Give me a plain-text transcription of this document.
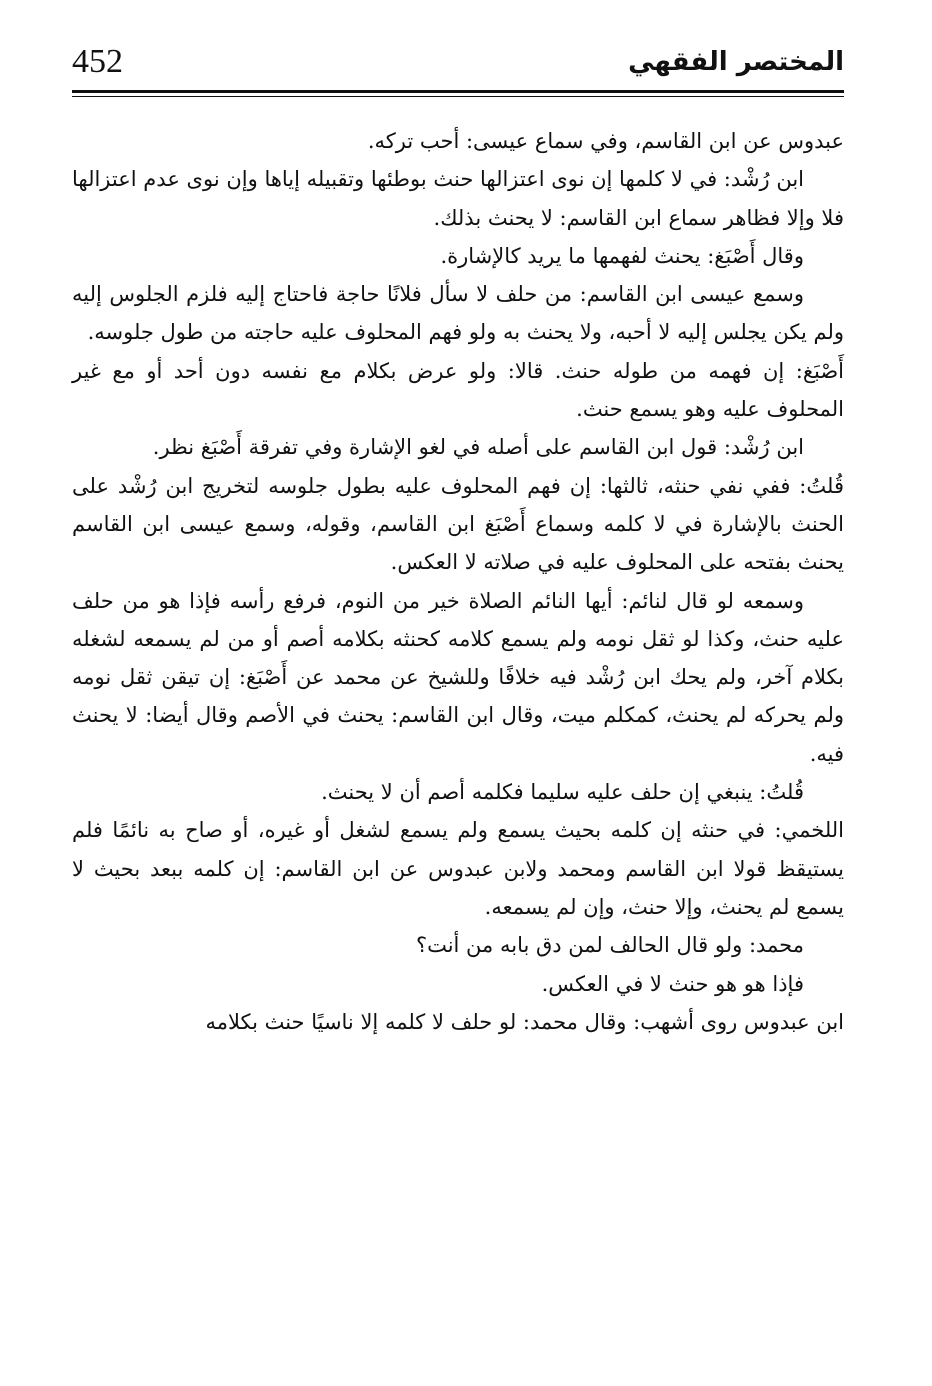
452	المختصر الفقهي

عبدوس عن ابن القاسم، وفي سماع عيسى: أحب تركه.

ابن رُشْد: في لا كلمها إن نوى اعتزالها حنث بوطئها وتقبيله إياها وإن نوى عدم اعتزالها فلا وإلا فظاهر سماع ابن القاسم: لا يحنث بذلك.

وقال أَصْبَغ: يحنث لفهمها ما يريد كالإشارة.

وسمع عيسى ابن القاسم: من حلف لا سأل فلانًا حاجة فاحتاج إليه فلزم الجلوس إليه ولم يكن يجلس إليه لا أحبه، ولا يحنث به ولو فهم المحلوف عليه حاجته من طول جلوسه.

أَصْبَغ: إن فهمه من طوله حنث. قالا: ولو عرض بكلام مع نفسه دون أحد أو مع غير المحلوف عليه وهو يسمع حنث.

ابن رُشْد: قول ابن القاسم على أصله في لغو الإشارة وفي تفرقة أَصْبَغ نظر.

قُلتُ: ففي نفي حنثه، ثالثها: إن فهم المحلوف عليه بطول جلوسه لتخريج ابن رُشْد على الحنث بالإشارة في لا كلمه وسماع أَصْبَغ ابن القاسم، وقوله، وسمع عيسى ابن القاسم يحنث بفتحه على المحلوف عليه في صلاته لا العكس.

وسمعه لو قال لنائم: أيها النائم الصلاة خير من النوم، فرفع رأسه فإذا هو من حلف عليه حنث، وكذا لو ثقل نومه ولم يسمع كلامه كحنثه بكلامه أصم أو من لم يسمعه لشغله بكلام آخر، ولم يحك ابن رُشْد فيه خلافًا وللشيخ عن محمد عن أَصْبَغ: إن تيقن ثقل نومه ولم يحركه لم يحنث، كمكلم ميت، وقال ابن القاسم: يحنث في الأصم وقال أيضا: لا يحنث فيه.

قُلتُ: ينبغي إن حلف عليه سليما فكلمه أصم أن لا يحنث.

اللخمي: في حنثه إن كلمه بحيث يسمع ولم يسمع لشغل أو غيره، أو صاح به نائمًا فلم يستيقظ قولا ابن القاسم ومحمد ولابن عبدوس عن ابن القاسم: إن كلمه ببعد بحيث لا يسمع لم يحنث، وإلا حنث، وإن لم يسمعه.

محمد: ولو قال الحالف لمن دق بابه من أنت؟

فإذا هو هو حنث لا في العكس.

ابن عبدوس روى أشهب: وقال محمد: لو حلف لا كلمه إلا ناسيًا حنث بكلامه
